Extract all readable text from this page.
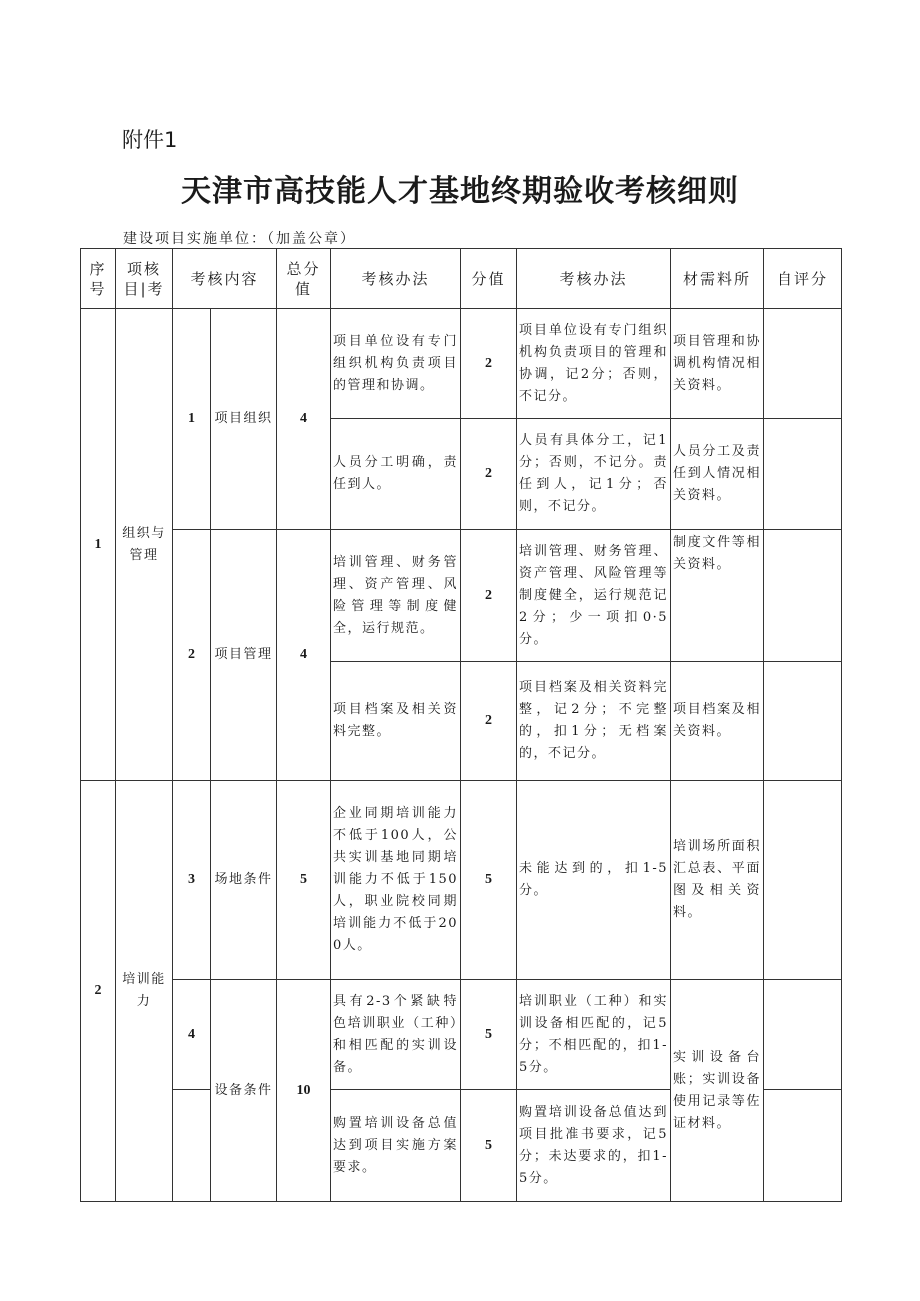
附件1
天津市高技能人才基地终期验收考核细则
建设项目实施单位：（加盖公章）
序号	项核目|考	考核内容		总分值	考核办法	分值	考核办法	材需料所	自评分
1	组织与管理	1	项目组织	4	项目单位设有专门组织机构负责项目的管理和协调。	2	项目单位设有专门组织机构负责项目的管理和协调，记2分；否则，不记分。	项目管理和协调机构情况相关资料。	
					人员分工明确，责任到人。	2	人员有具体分工，记1分；否则，不记分。责任到人，记1分；否则，不记分。	人员分工及责任到人情况相关资料。	
		2	项目管理	4	培训管理、财务管理、资产管理、风险管理等制度健全，运行规范。	2	培训管理、财务管理、资产管理、风险管理等制度健全，运行规范记2分；少一项扣0·5分。	制度文件等相关资料。	
					项目档案及相关资料完整。	2	项目档案及相关资料完整，记2分；不完整的，扣1分；无档案的，不记分。	项目档案及相关资料。	
2	培训能力	3	场地条件	5	企业同期培训能力不低于100人，公共实训基地同期培训能力不低于150人，职业院校同期培训能力不低于200人。	5	未能达到的，扣1-5分。	培训场所面积汇总表、平面图及相关资料。	
		4	设备条件	10	具有2-3个紧缺特色培训职业（工种）和相匹配的实训设备。	5	培训职业（工种）和实训设备相匹配的，记5分；不相匹配的，扣1-5分。	实训设备台账；实训设备使用记录等佐证材料。	
					购置培训设备总值达到项目实施方案要求。	5	购置培训设备总值达到项目批准书要求，记5分；未达要求的，扣1-5分。		
